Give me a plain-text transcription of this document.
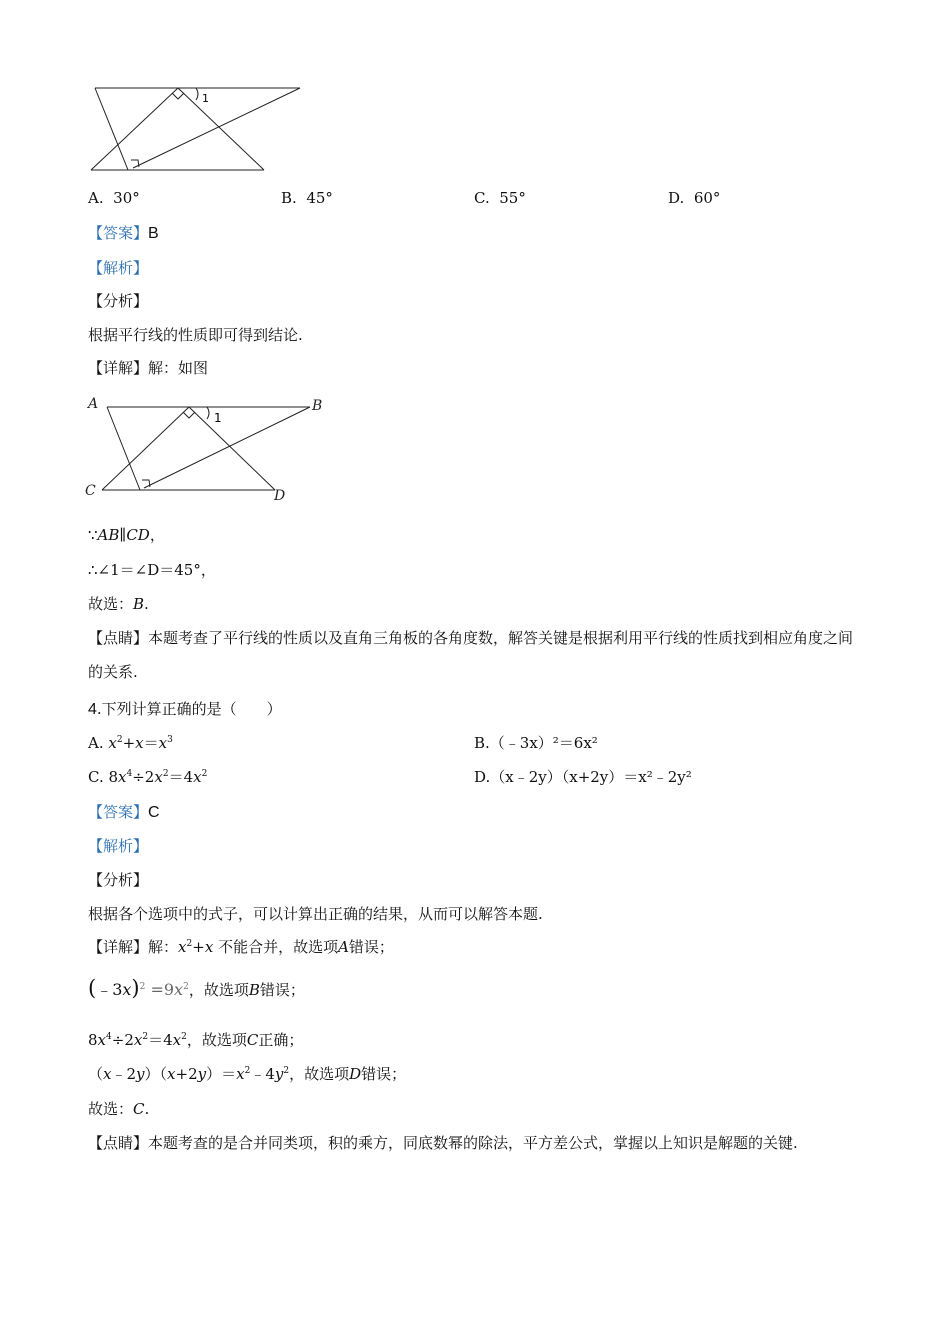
1
A. 30°	B. 45°	C. 55°	D. 60°
【答案】B
【解析】
【分析】
根据平行线的性质即可得到结论.
【详解】解：如图
A	B
C	D
1
∵AB∥CD，
∴∠1＝∠D＝45°，
故选：B.
【点睛】本题考查了平行线的性质以及直角三角板的各角度数，解答关键是根据利用平行线的性质找到相应角度之间的关系.
4.下列计算正确的是（　　）
A. $x^2+x=x^3$	B.（﹣3x）²＝6x²
C. $8x^4\div 2x^2=4x^2$	D.（x﹣2y）（x+2y）＝x²﹣2y²
【答案】C
【解析】
【分析】
根据各个选项中的式子，可以计算出正确的结果，从而可以解答本题.
【详解】解：$x^2+x$ 不能合并，故选项A错误；
(﹣3x)$^2$ $=9x^2$，故选项B错误；
$8x^4\div 2x^2=4x^2$，故选项C正确；
$(x﹣2y)(x+2y)=x^2﹣4y^2$，故选项D错误；
故选：C.
【点睛】本题考查的是合并同类项，积的乘方，同底数幂的除法，平方差公式，掌握以上知识是解题的关键.
